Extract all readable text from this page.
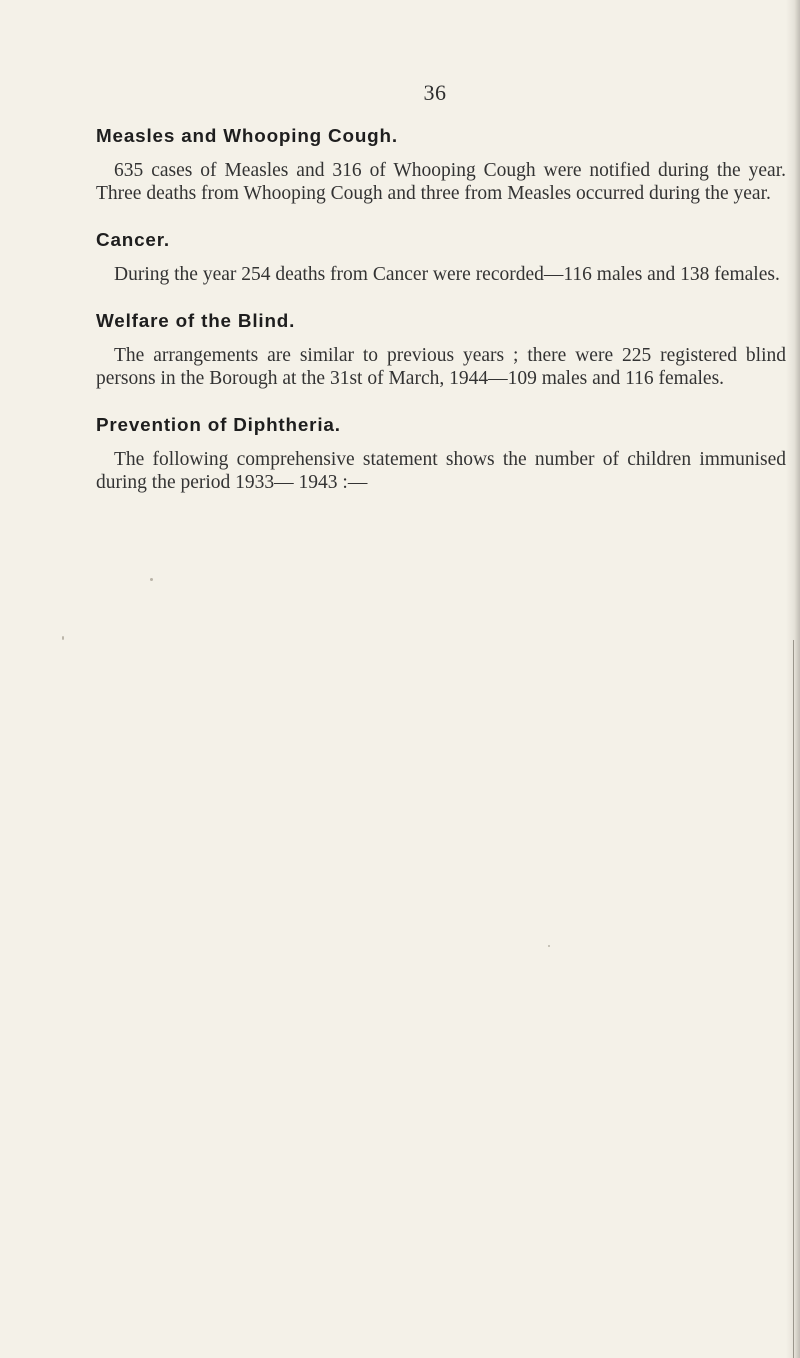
36
Measles and Whooping Cough.

635 cases of Measles and 316 of Whooping Cough were notified during the year. Three deaths from Whooping Cough and three from Measles occurred during the year.

Cancer.

During the year 254 deaths from Cancer were recorded—116 males and 138 females.

Welfare of the Blind.

The arrangements are similar to previous years ; there were 225 registered blind persons in the Borough at the 31st of March, 1944—109 males and 116 females.

Prevention of Diphtheria.

The following comprehensive statement shows the number of children immunised during the period 1933— 1943 :—
